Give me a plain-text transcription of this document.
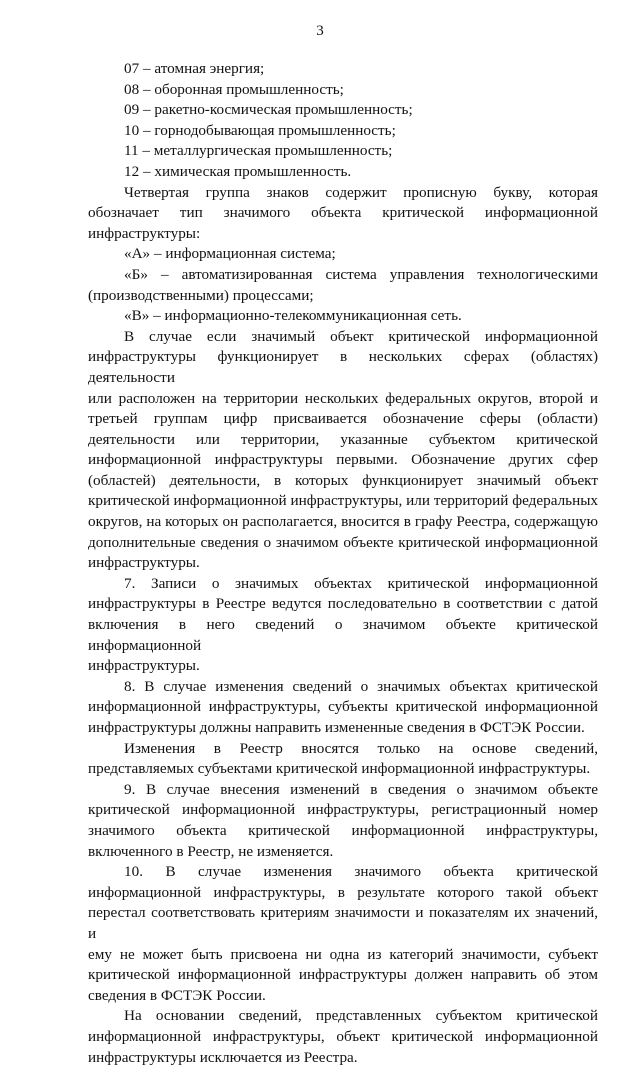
3
07 – атомная энергия;
08 – оборонная промышленность;
09 – ракетно-космическая промышленность;
10 – горнодобывающая промышленность;
11 – металлургическая промышленность;
12 – химическая промышленность.
Четвертая группа знаков содержит прописную букву, которая
обозначает тип значимого объекта критической информационной
инфраструктуры:
«А» – информационная система;
«Б» – автоматизированная система управления технологическими
(производственными) процессами;
«В» – информационно-телекоммуникационная сеть.
В случае если значимый объект критической информационной
инфраструктуры функционирует в нескольких сферах (областях) деятельности
или расположен на территории нескольких федеральных округов, второй и
третьей группам цифр присваивается обозначение сферы (области)
деятельности или территории, указанные субъектом критической
информационной инфраструктуры первыми. Обозначение других сфер
(областей) деятельности, в которых функционирует значимый объект
критической информационной инфраструктуры, или территорий федеральных
округов, на которых он располагается, вносится в графу Реестра, содержащую
дополнительные сведения о значимом объекте критической информационной
инфраструктуры.
7. Записи о значимых объектах критической информационной
инфраструктуры в Реестре ведутся последовательно в соответствии с датой
включения в него сведений о значимом объекте критической информационной
инфраструктуры.
8. В случае изменения сведений о значимых объектах критической
информационной инфраструктуры, субъекты критической информационной
инфраструктуры должны направить измененные сведения в ФСТЭК России.
Изменения в Реестр вносятся только на основе сведений,
представляемых субъектами критической информационной инфраструктуры.
9. В случае внесения изменений в сведения о значимом объекте
критической информационной инфраструктуры, регистрационный номер
значимого объекта критической информационной инфраструктуры,
включенного в Реестр, не изменяется.
10. В случае изменения значимого объекта критической
информационной инфраструктуры, в результате которого такой объект
перестал соответствовать критериям значимости и показателям их значений, и
ему не может быть присвоена ни одна из категорий значимости, субъект
критической информационной инфраструктуры должен направить об этом
сведения в ФСТЭК России.
На основании сведений, представленных субъектом критической
информационной инфраструктуры, объект критической информационной
инфраструктуры исключается из Реестра.
